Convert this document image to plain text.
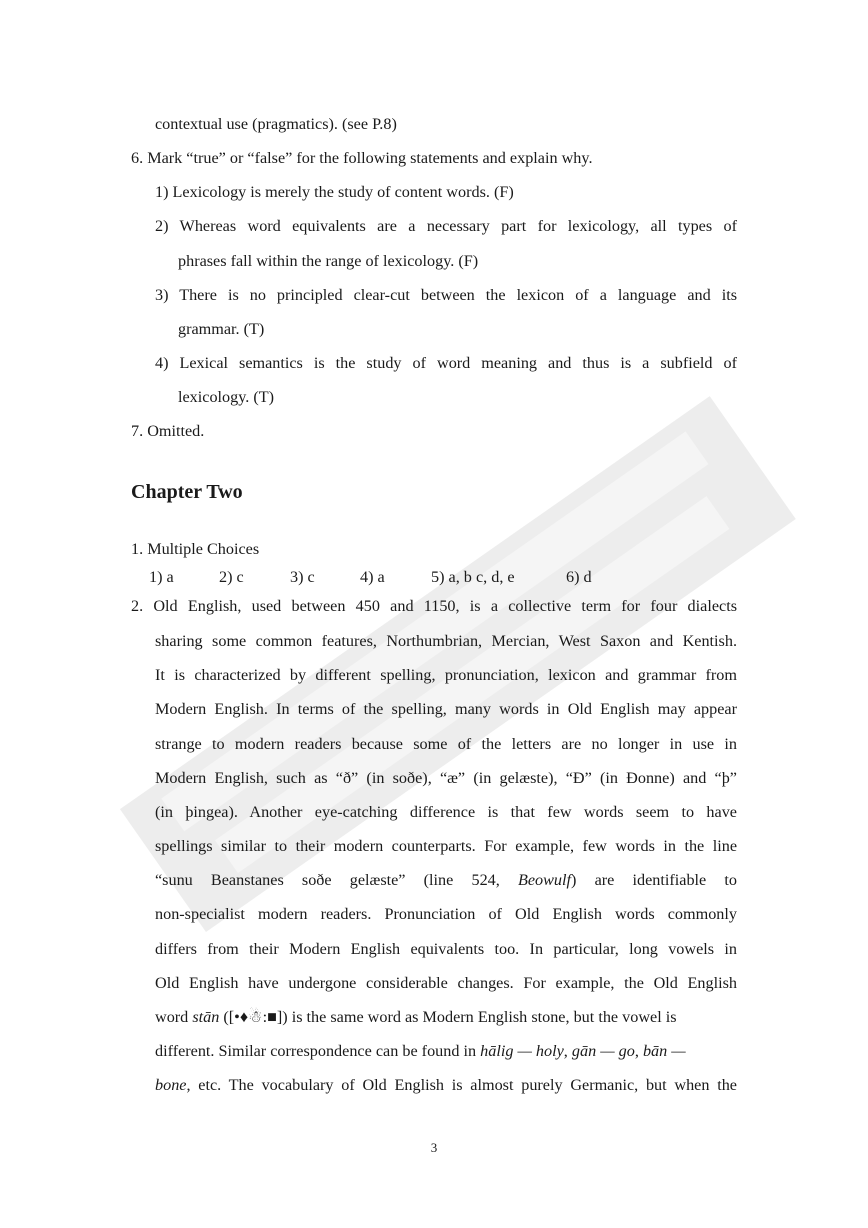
contextual use (pragmatics). (see P.8)
6. Mark “true” or “false” for the following statements and explain why.
1) Lexicology is merely the study of content words. (F)
2) Whereas word equivalents are a necessary part for lexicology, all types of
phrases fall within the range of lexicology. (F)
3) There is no principled clear-cut between the lexicon of a language and its
grammar. (T)
4) Lexical semantics is the study of word meaning and thus is a subfield of
lexicology. (T)
7. Omitted.
Chapter Two
1. Multiple Choices
1) a	2) c	3) c	4) a	5) a, b c, d, e	6) d
2. Old English, used between 450 and 1150, is a collective term for four dialects
sharing some common features, Northumbrian, Mercian, West Saxon and Kentish.
It is characterized by different spelling, pronunciation, lexicon and grammar from
Modern English. In terms of the spelling, many words in Old English may appear
strange to modern readers because some of the letters are no longer in use in
Modern English, such as “ð” (in soðe), “æ” (in gelæste), “Ð” (in Ðonne) and “þ”
(in þingea). Another eye-catching difference is that few words seem to have
spellings similar to their modern counterparts. For example, few words in the line
“sunu Beanstanes soðe gelæste” (line 524, Beowulf) are identifiable to
non-specialist modern readers. Pronunciation of Old English words commonly
differs from their Modern English equivalents too. In particular, long vowels in
Old English have undergone considerable changes. For example, the Old English
word stān ([•♦☃:■]) is the same word as Modern English stone, but the vowel is
different. Similar correspondence can be found in hālig — holy, gān — go, bān —
bone, etc. The vocabulary of Old English is almost purely Germanic, but when the
3
